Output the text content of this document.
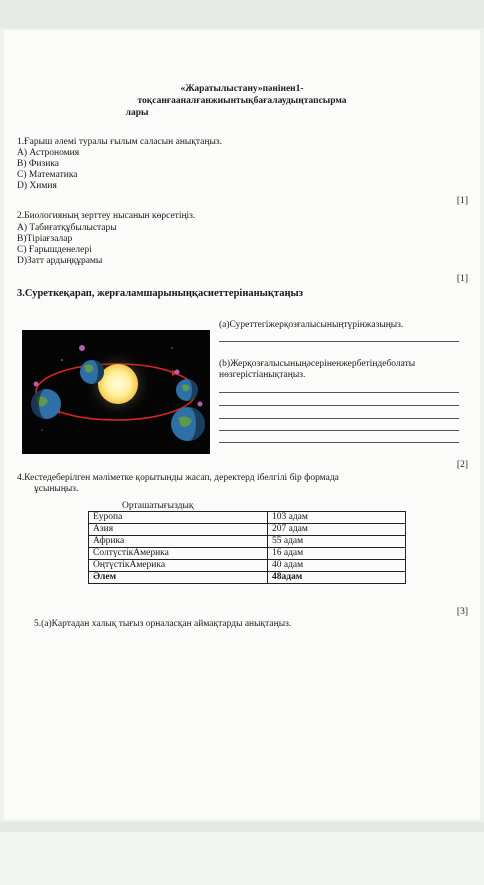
«Жаратылыстану»пәнінен1-
тоқсанғааналғанжиынтықбағалаудыңтапсырма
лары
1.Ғарыш әлемі туралы ғылым саласын анықтаңыз.
A) Астрономия
B) Физика
C) Математика
D) Химия
[1]
2.Биологияның зерттеу нысанын көрсетіңіз.
A) Табиғатқұбылыстары
B)Тіріағзалар
C) Ғарышденелері
D)Затт ардыңқұрамы
[1]
3.Суреткеқарап, жерғаламшарыныңқасиеттерінанықтаңыз
(a)Суреттегіжерқозғалысыныңтүрінжазыңыз.
(b)Жерқозғалысыныңәсерiненжербетiндеболаты
нөзгерiстiанықтаңыз.
[2]
4.Кестедеберілген мәліметке қорытынды жасап, деректерд ібелгілі бір формада
ұсыныңыз.
Орташатығыздық
Еуропа	103 адам
Азия	207 адам
Африка	55 адам
СолтүстікАмерика	16 адам
ОңтүстікАмерика	40 адам
Әлем	48адам
[3]
5.(a)Картадан халық тығыз орналасқан аймақтарды анықтаңыз.
